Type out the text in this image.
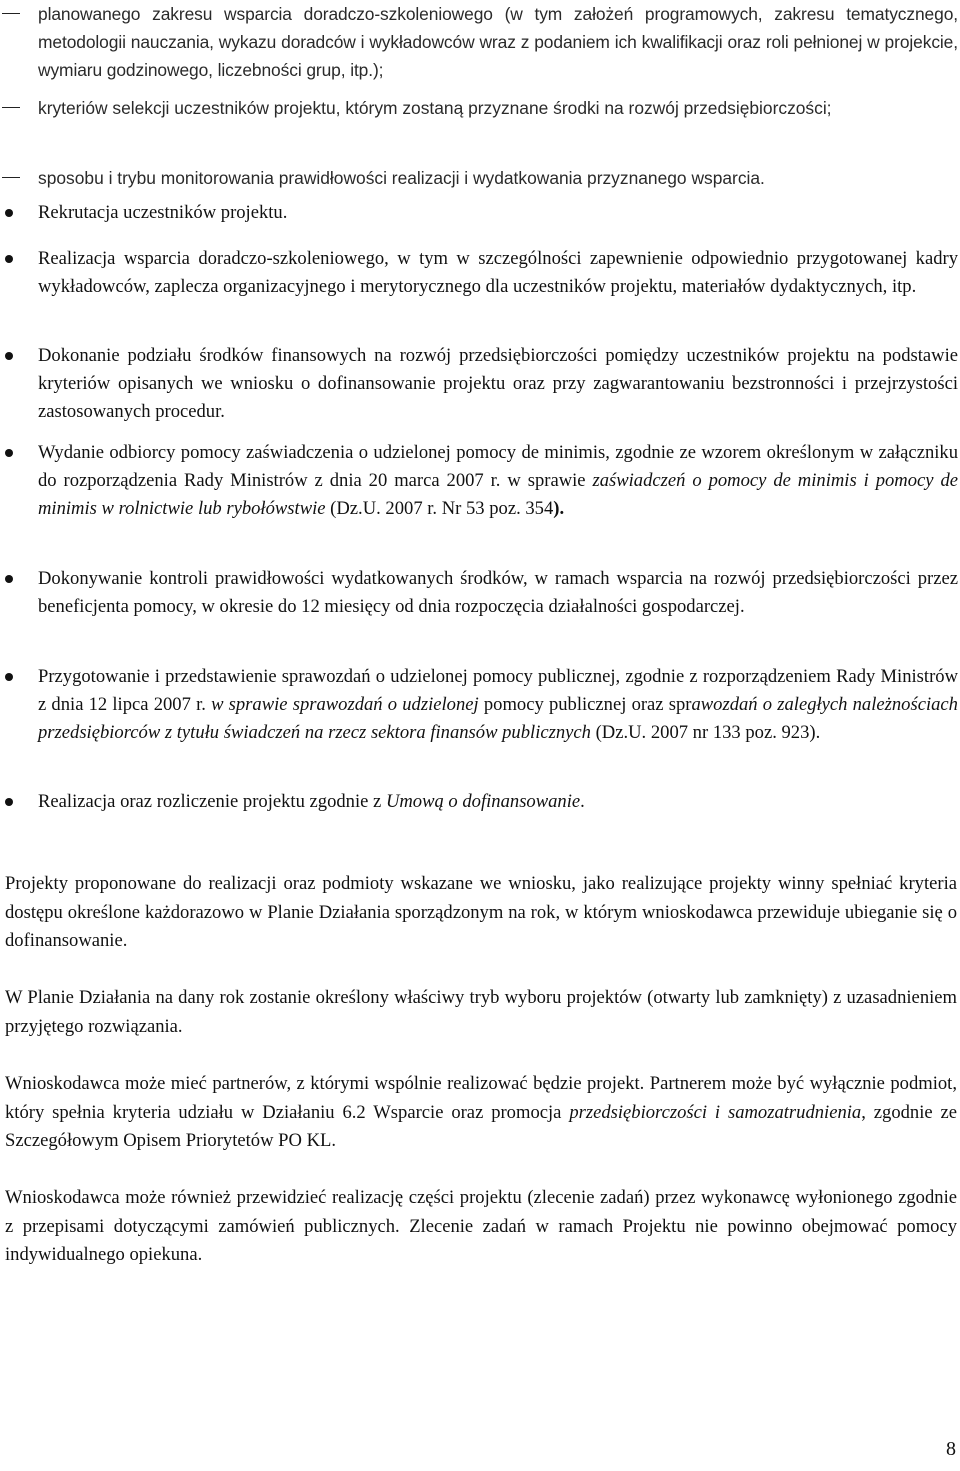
planowanego zakresu wsparcia doradczo-szkoleniowego (w tym założeń programowych, zakresu tematycznego, metodologii nauczania, wykazu doradców i wykładowców wraz z podaniem ich kwalifikacji oraz roli pełnionej w projekcie, wymiaru godzinowego, liczebności grup, itp.);

kryteriów selekcji uczestników projektu, którym zostaną przyznane środki na rozwój przedsiębiorczości;

sposobu i trybu monitorowania prawidłowości realizacji i wydatkowania przyznanego wsparcia.

Rekrutacja uczestników projektu.

Realizacja wsparcia doradczo-szkoleniowego, w tym w szczególności zapewnienie odpowiednio przygotowanej kadry wykładowców, zaplecza organizacyjnego i merytorycznego dla uczestników projektu, materiałów dydaktycznych, itp.

Dokonanie podziału środków finansowych na rozwój przedsiębiorczości pomiędzy uczestników projektu na podstawie kryteriów opisanych we wniosku o dofinansowanie projektu oraz przy zagwarantowaniu bezstronności i przejrzystości zastosowanych procedur.

Wydanie odbiorcy pomocy zaświadczenia o udzielonej pomocy de minimis, zgodnie ze wzorem określonym w załączniku do rozporządzenia Rady Ministrów z dnia 20 marca 2007 r. w sprawie zaświadczeń o pomocy de minimis i pomocy de minimis w rolnictwie lub rybołówstwie (Dz.U. 2007 r. Nr 53 poz. 354).

Dokonywanie kontroli prawidłowości wydatkowanych środków, w ramach wsparcia na rozwój przedsiębiorczości przez beneficjenta pomocy, w okresie do 12 miesięcy od dnia rozpoczęcia działalności gospodarczej.

Przygotowanie i przedstawienie sprawozdań o udzielonej pomocy publicznej, zgodnie z rozporządzeniem Rady Ministrów z dnia 12 lipca 2007 r. w sprawie sprawozdań o udzielonej pomocy publicznej oraz sprawozdań o zaległych należnościach przedsiębiorców z tytułu świadczeń na rzecz sektora finansów publicznych (Dz.U. 2007 nr 133 poz. 923).

Realizacja oraz rozliczenie projektu zgodnie z Umową o dofinansowanie.

Projekty proponowane do realizacji oraz podmioty wskazane we wniosku, jako realizujące projekty winny spełniać kryteria dostępu określone każdorazowo w Planie Działania sporządzonym na rok, w którym wnioskodawca przewiduje ubieganie się o dofinansowanie.

W Planie Działania na dany rok zostanie określony właściwy tryb wyboru projektów (otwarty lub zamknięty) z uzasadnieniem przyjętego rozwiązania.

Wnioskodawca może mieć partnerów, z którymi wspólnie realizować będzie projekt. Partnerem może być wyłącznie podmiot, który spełnia kryteria udziału w Działaniu 6.2 Wsparcie oraz promocja przedsiębiorczości i samozatrudnienia, zgodnie ze Szczegółowym Opisem Priorytetów PO KL.

Wnioskodawca może również przewidzieć realizację części projektu (zlecenie zadań) przez wykonawcę wyłonionego zgodnie z przepisami dotyczącymi zamówień publicznych. Zlecenie zadań w ramach Projektu nie powinno obejmować pomocy indywidualnego opiekuna.

8
